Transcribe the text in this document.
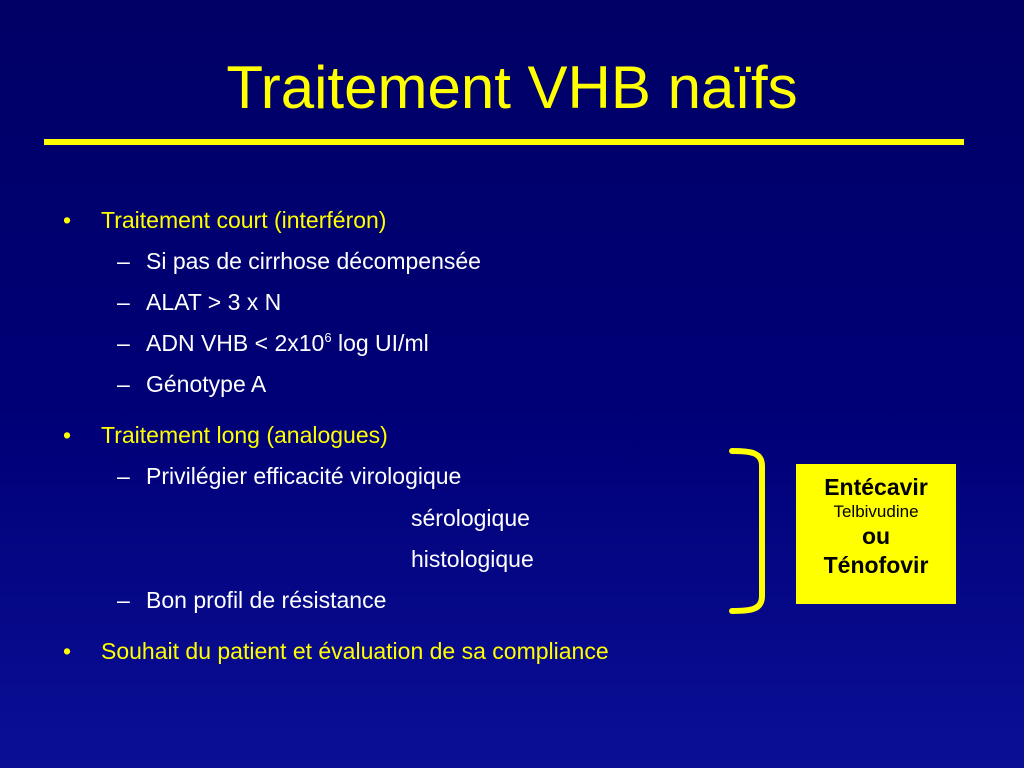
Traitement VHB naïfs
• Traitement court (interféron)
– Si pas de cirrhose décompensée
– ALAT > 3 x N
– ADN VHB < $2x10^6$ log UI/ml
– Génotype A
• Traitement long (analogues)
– Privilégier efficacité virologique
sérologique
histologique
– Bon profil de résistance
• Souhait du patient et évaluation de sa compliance
Entécavir
Telbivudine
ou
Ténofovir
